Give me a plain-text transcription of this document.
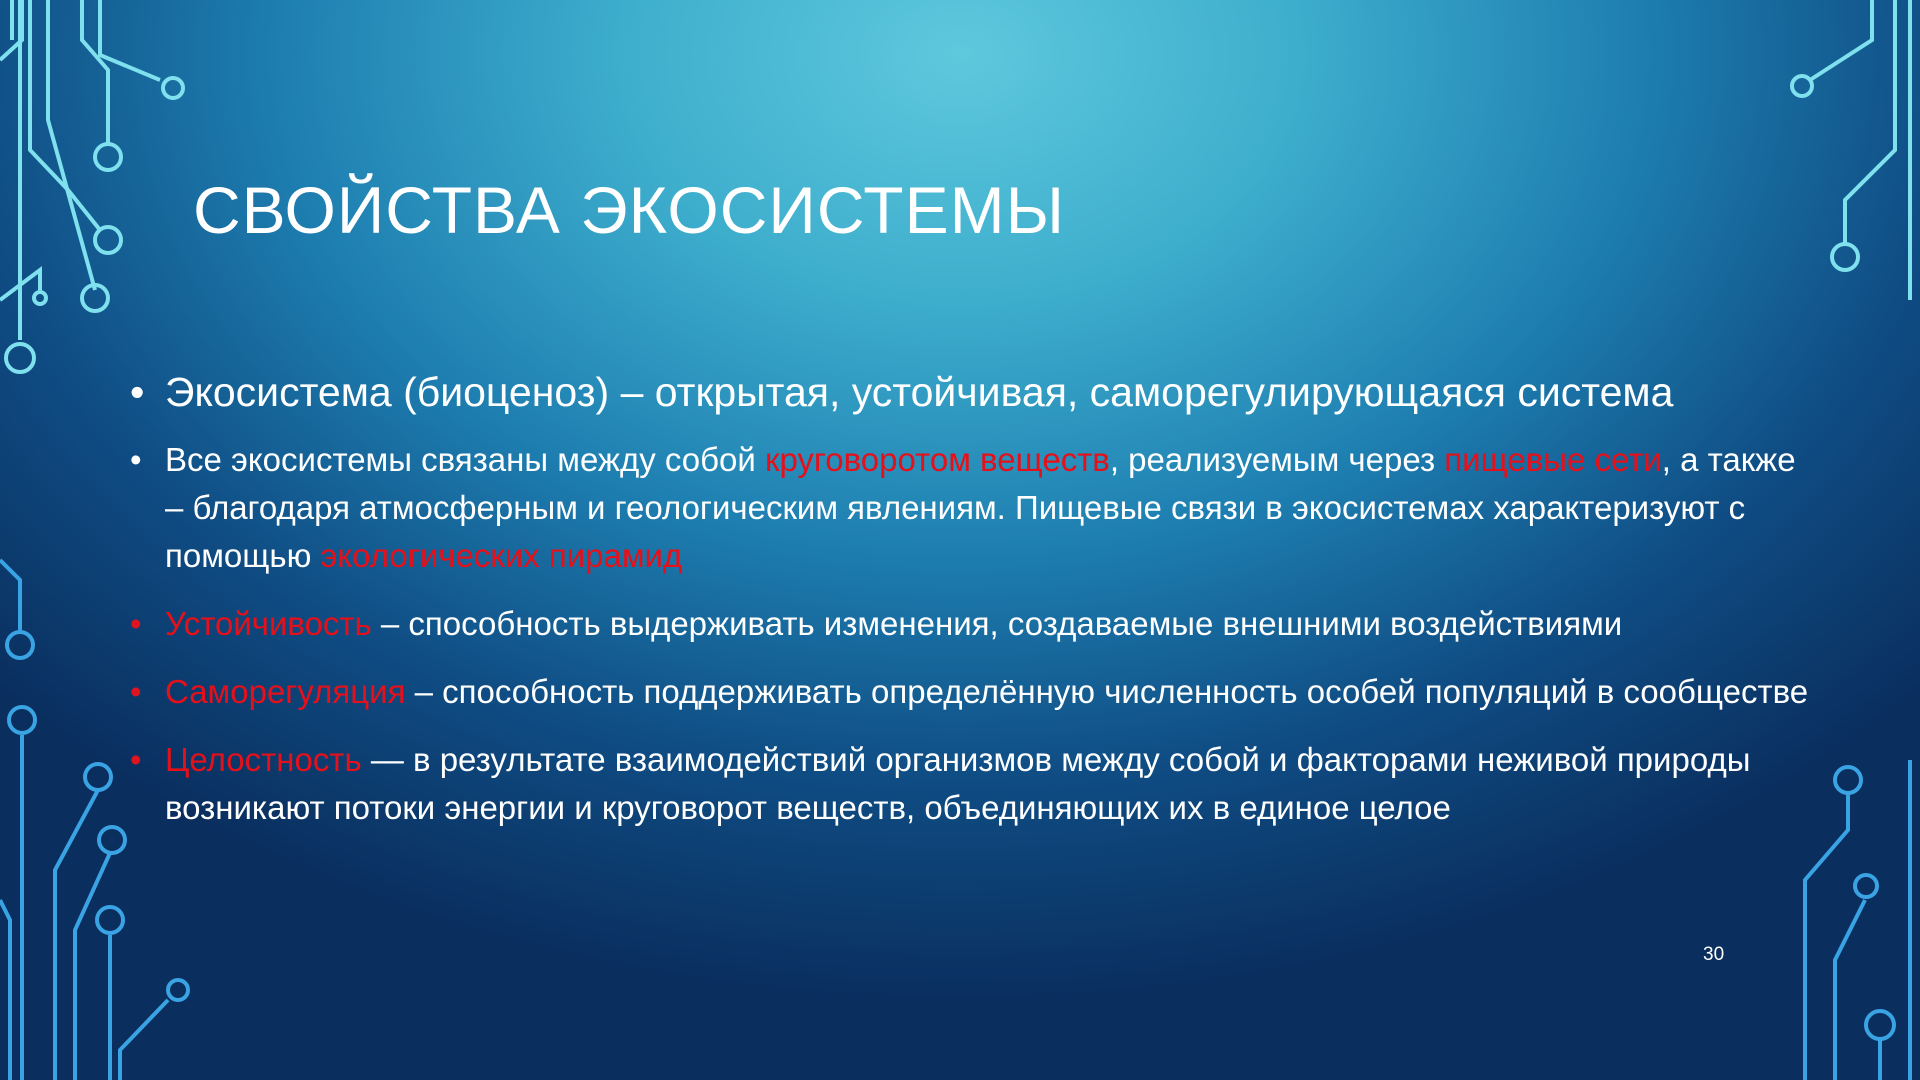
СВОЙСТВА ЭКОСИСТЕМЫ
• Экосистема (биоценоз) – открытая, устойчивая, саморегулирующаяся система
• Все экосистемы связаны между собой круговоротом веществ, реализуемым через пищевые сети, а также – благодаря атмосферным и геологическим явлениям. Пищевые связи в экосистемах характеризуют с помощью экологических пирамид
• Устойчивость – способность выдерживать изменения, создаваемые внешними воздействиями
• Саморегуляция – способность поддерживать определённую численность особей популяций в сообществе
• Целостность — в результате взаимодействий организмов между собой и факторами неживой природы возникают потоки энергии и круговорот веществ, объединяющих их в единое целое
30
